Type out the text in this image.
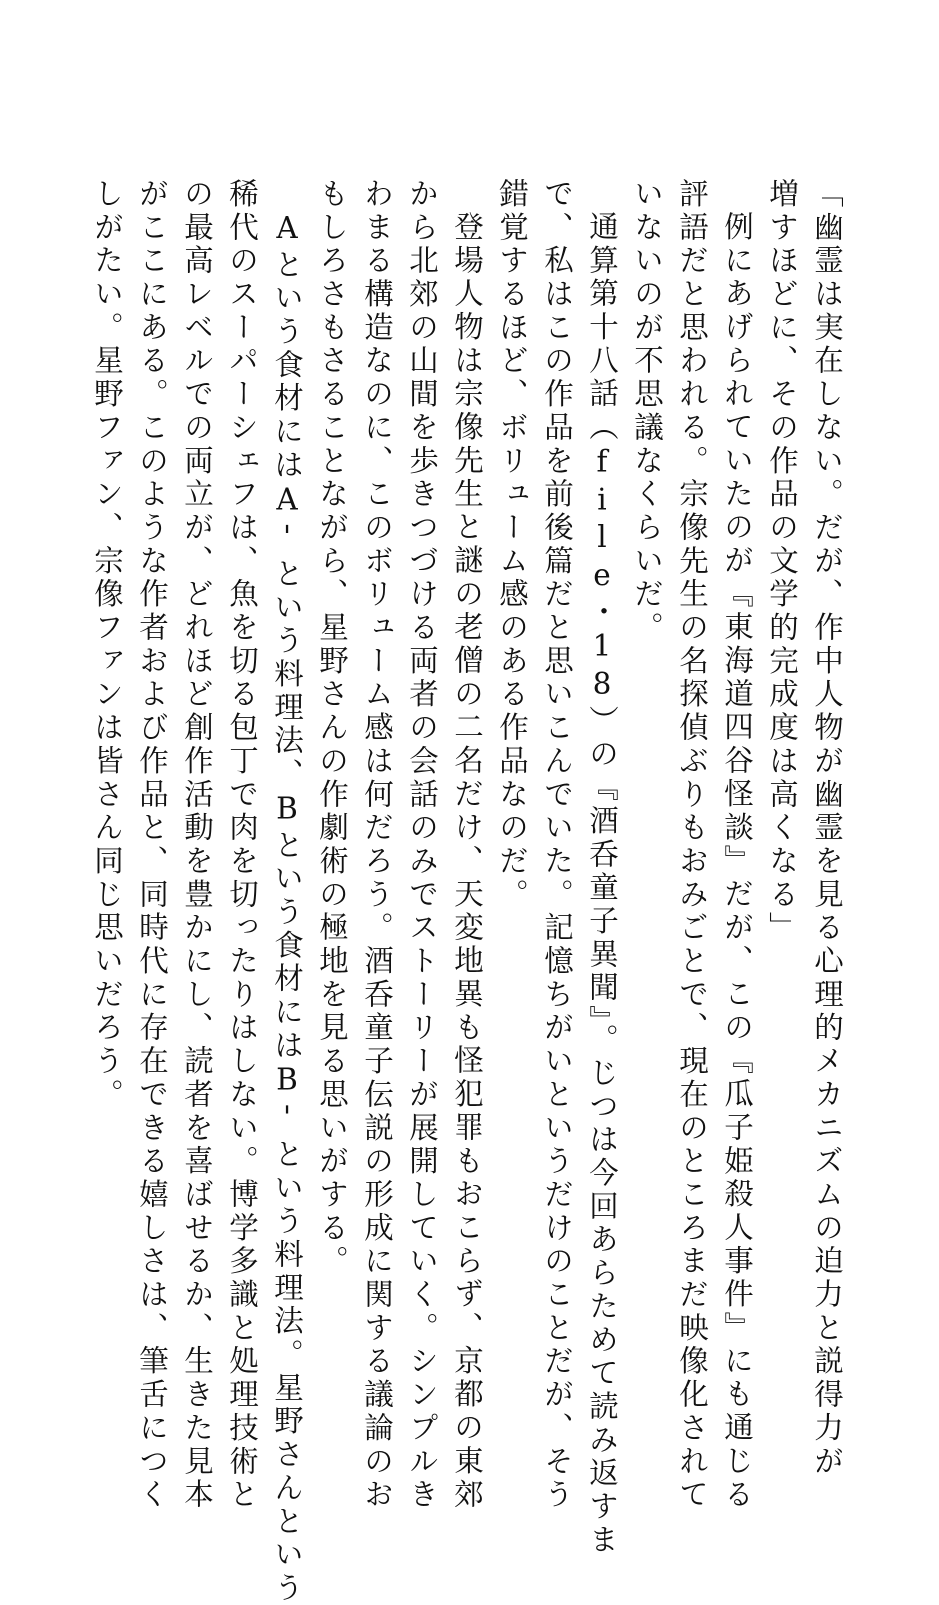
「幽霊は実在しない。だが、作中人物が幽霊を見る心理的メカニズムの迫力と説得力が

増すほどに、その作品の文学的完成度は高くなる」

例にあげられていたのが『東海道四谷怪談』だが、この『瓜子姫殺人事件』にも通じる

評語だと思われる。宗像先生の名探偵ぶりもおみごとで、現在のところまだ映像化されて

いないのが不思議なくらいだ。

通算第十八話（file・18）の『酒呑童子異聞』。じつは今回あらためて読み返すま

で、私はこの作品を前後篇だと思いこんでいた。記憶ちがいというだけのことだが、そう

錯覚するほど、ボリューム感のある作品なのだ。

登場人物は宗像先生と謎の老僧の二名だけ、天変地異も怪犯罪もおこらず、京都の東郊

から北郊の山間を歩きつづける両者の会話のみでストーリーが展開していく。シンプルき

わまる構造なのに、このボリューム感は何だろう。酒呑童子伝説の形成に関する議論のお

もしろさもさることながら、星野さんの作劇術の極地を見る思いがする。

Aという食材にはA'という料理法、Bという食材にはB'という料理法。星野さんという

稀代のスーパーシェフは、魚を切る包丁で肉を切ったりはしない。博学多識と処理技術と

の最高レベルでの両立が、どれほど創作活動を豊かにし、読者を喜ばせるか、生きた見本

がここにある。このような作者および作品と、同時代に存在できる嬉しさは、筆舌につく

しがたい。星野ファン、宗像ファンは皆さん同じ思いだろう。
